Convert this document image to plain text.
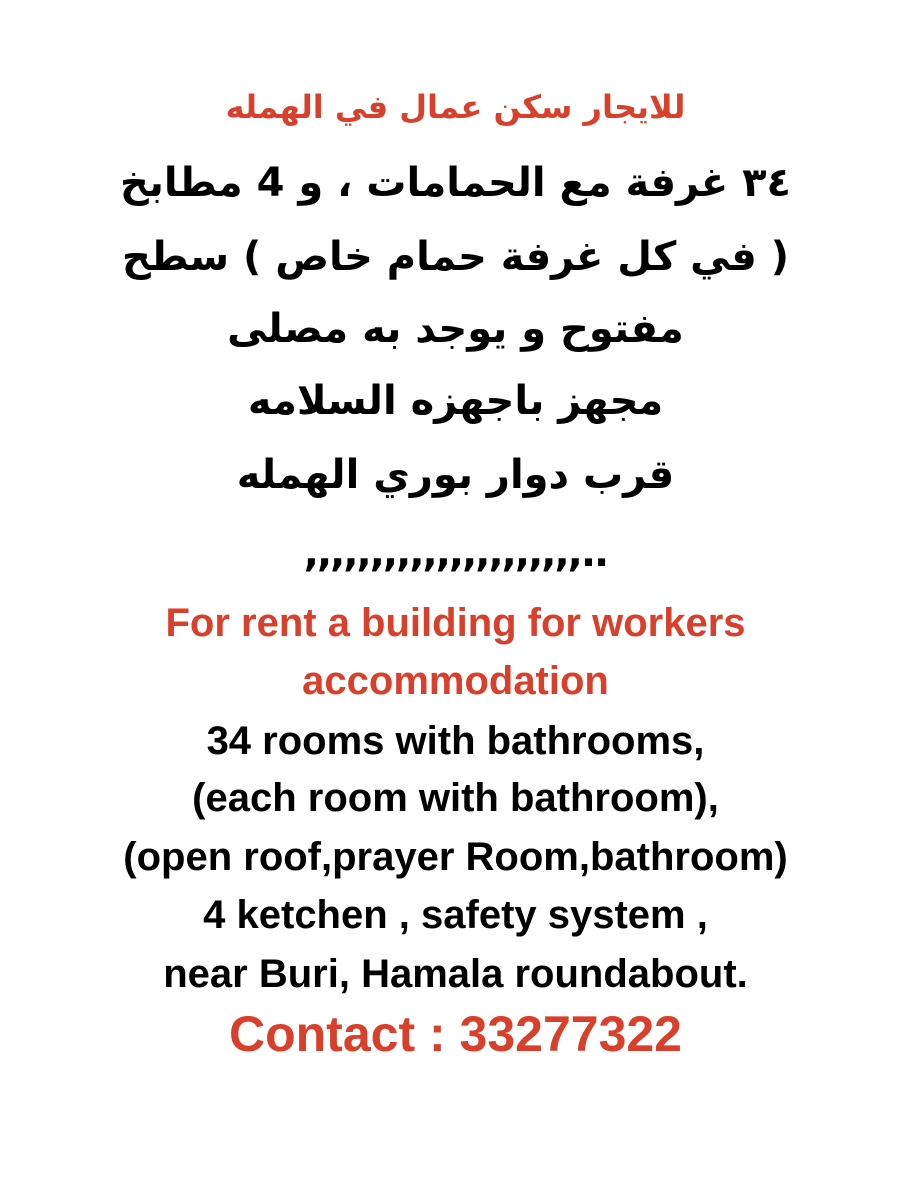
للايجار سكن عمال في الهمله
٣٤ غرفة مع الحمامات ، و 4 مطابخ
( في كل غرفة حمام خاص ) سطح
مفتوح و يوجد به مصلى
مجهز باجهزه السلامه
قرب دوار بوري الهمله
,,,,,,,,,,,,,,,,,,,,,..
For rent a building for workers
accommodation
34 rooms with bathrooms,
(each room with bathroom),
(open roof,prayer Room,bathroom)
4 ketchen , safety system ,
near Buri, Hamala roundabout.
Contact : 33277322
